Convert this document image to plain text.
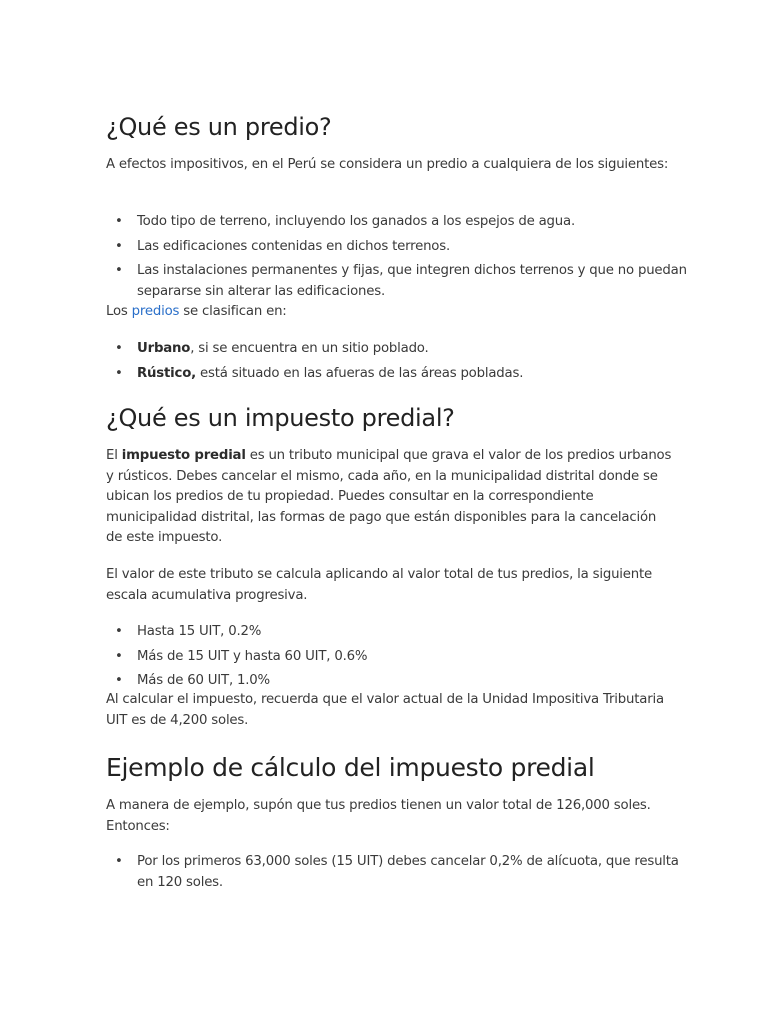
¿Qué es un predio?

A efectos impositivos, en el Perú se considera un predio a cualquiera de los siguientes:

• Todo tipo de terreno, incluyendo los ganados a los espejos de agua.
• Las edificaciones contenidas en dichos terrenos.
• Las instalaciones permanentes y fijas, que integren dichos terrenos y que no puedan separarse sin alterar las edificaciones.

Los predios se clasifican en:

• Urbano, si se encuentra en un sitio poblado.
• Rústico, está situado en las afueras de las áreas pobladas.
¿Qué es un impuesto predial?

El impuesto predial es un tributo municipal que grava el valor de los predios urbanos y rústicos. Debes cancelar el mismo, cada año, en la municipalidad distrital donde se ubican los predios de tu propiedad. Puedes consultar en la correspondiente municipalidad distrital, las formas de pago que están disponibles para la cancelación de este impuesto.

El valor de este tributo se calcula aplicando al valor total de tus predios, la siguiente escala acumulativa progresiva.

• Hasta 15 UIT, 0.2%
• Más de 15 UIT y hasta 60 UIT, 0.6%
• Más de 60 UIT, 1.0%

Al calcular el impuesto, recuerda que el valor actual de la Unidad Impositiva Tributaria UIT es de 4,200 soles.

Ejemplo de cálculo del impuesto predial

A manera de ejemplo, supón que tus predios tienen un valor total de 126,000 soles. Entonces:

• Por los primeros 63,000 soles (15 UIT) debes cancelar 0,2% de alícuota, que resulta en 120 soles.
